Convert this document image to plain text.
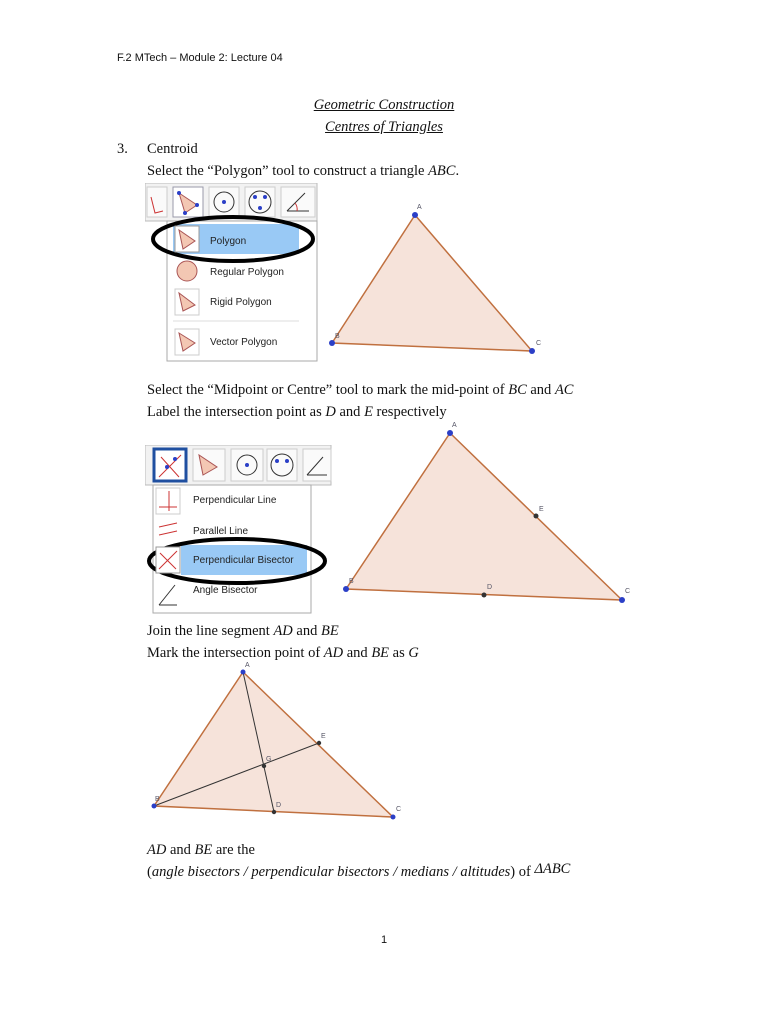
F.2 MTech – Module 2: Lecture 04
Geometric Construction
Centres of Triangles
3. Centroid
Select the “Polygon” tool to construct a triangle ABC.
Polygon
Regular Polygon
Rigid Polygon
Vector Polygon
A
B
C
Select the “Midpoint or Centre” tool to mark the mid-point of BC and AC
Label the intersection point as D and E respectively
Perpendicular Line
Parallel Line
Perpendicular Bisector
Angle Bisector
A
B
C
D
E
Join the line segment AD and BE
Mark the intersection point of AD and BE as G
A
B
C
D
E
G
AD and BE are the
(angle bisectors / perpendicular bisectors / medians / altitudes) of ΔABC
1
